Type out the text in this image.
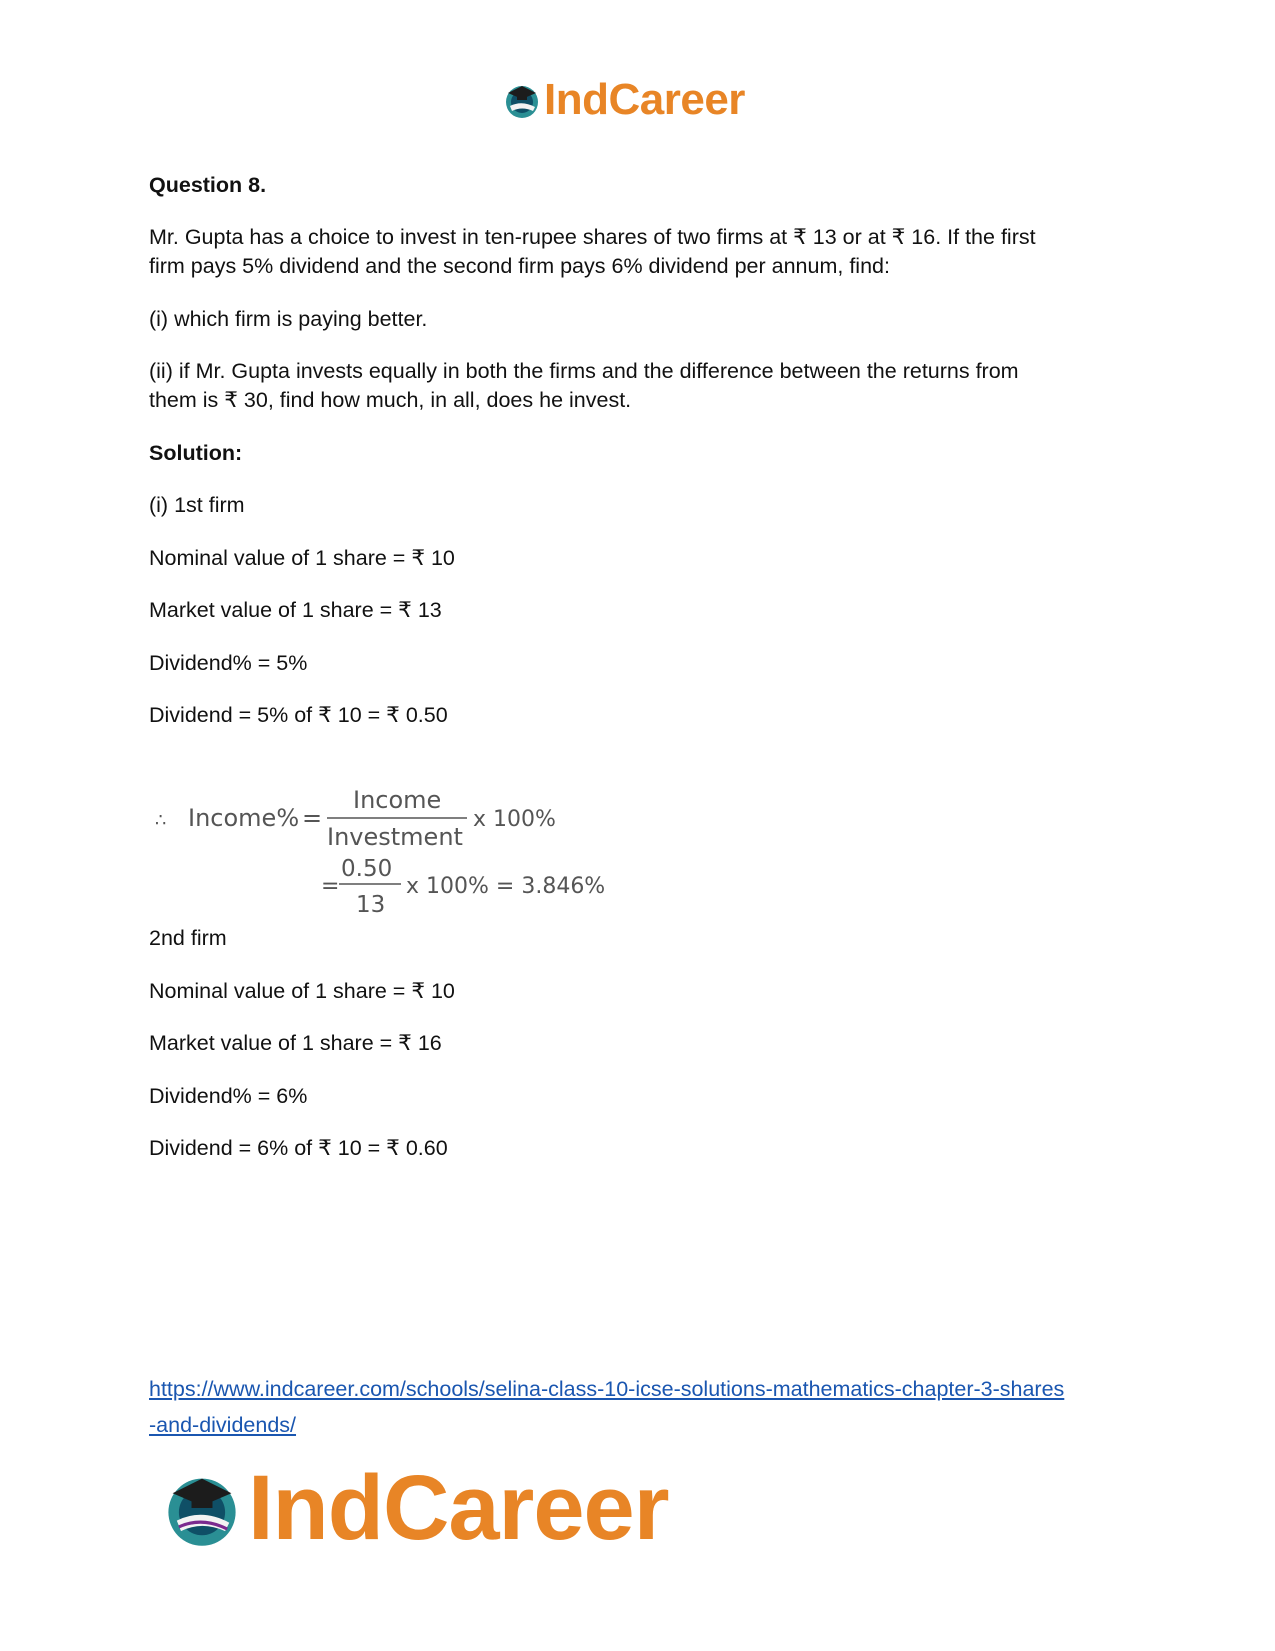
IndCareer

Question 8.

Mr. Gupta has a choice to invest in ten-rupee shares of two firms at ₹ 13 or at ₹ 16. If the first

firm pays 5% dividend and the second firm pays 6% dividend per annum, find:

(i) which firm is paying better.

(ii) if Mr. Gupta invests equally in both the firms and the difference between the returns from

them is ₹ 30, find how much, in all, does he invest.

Solution:

(i) 1st firm

Nominal value of 1 share = ₹ 10

Market value of 1 share = ₹ 13

Dividend% = 5%

Dividend = 5% of ₹ 10 = ₹ 0.50

∴ Income% =
Income
Investment
x 100%
=
0.50
13
x 100% = 3.846%

2nd firm

Nominal value of 1 share = ₹ 10

Market value of 1 share = ₹ 16

Dividend% = 6%

Dividend = 6% of ₹ 10 = ₹ 0.60

https://www.indcareer.com/schools/selina-class-10-icse-solutions-mathematics-chapter-3-shares
-and-dividends/
IndCareer
